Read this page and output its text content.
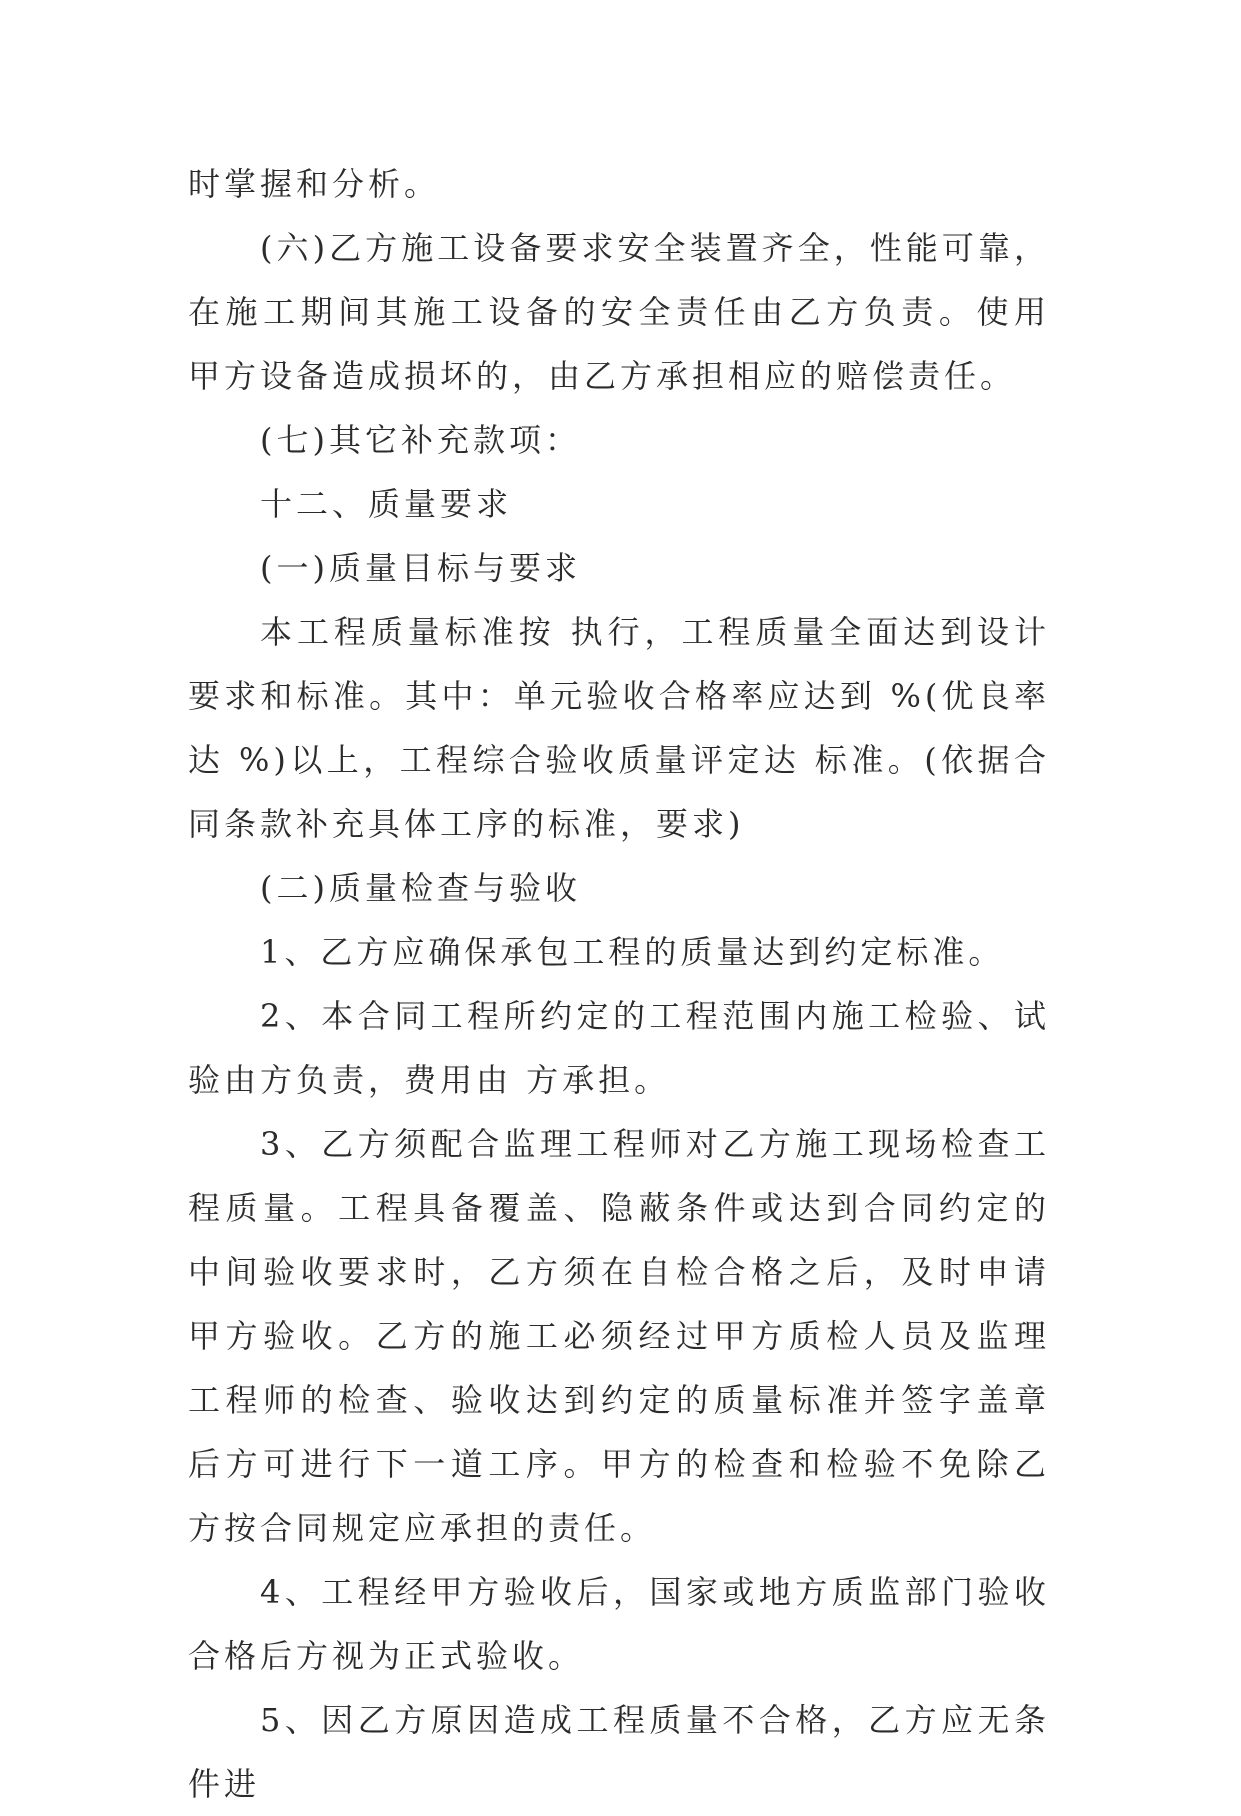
时掌握和分析。

(六)乙方施工设备要求安全装置齐全，性能可靠，在施工期间其施工设备的安全责任由乙方负责。使用甲方设备造成损坏的，由乙方承担相应的赔偿责任。

(七)其它补充款项：

十二、质量要求

(一)质量目标与要求

本工程质量标准按 执行，工程质量全面达到设计要求和标准。其中：单元验收合格率应达到 %(优良率达 %)以上，工程综合验收质量评定达 标准。(依据合同条款补充具体工序的标准，要求)

(二)质量检查与验收

1、乙方应确保承包工程的质量达到约定标准。

2、本合同工程所约定的工程范围内施工检验、试验由方负责，费用由 方承担。

3、乙方须配合监理工程师对乙方施工现场检查工程质量。工程具备覆盖、隐蔽条件或达到合同约定的中间验收要求时，乙方须在自检合格之后，及时申请甲方验收。乙方的施工必须经过甲方质检人员及监理工程师的检查、验收达到约定的质量标准并签字盖章后方可进行下一道工序。甲方的检查和检验不免除乙方按合同规定应承担的责任。

4、工程经甲方验收后，国家或地方质监部门验收合格后方视为正式验收。

5、因乙方原因造成工程质量不合格，乙方应无条件进
